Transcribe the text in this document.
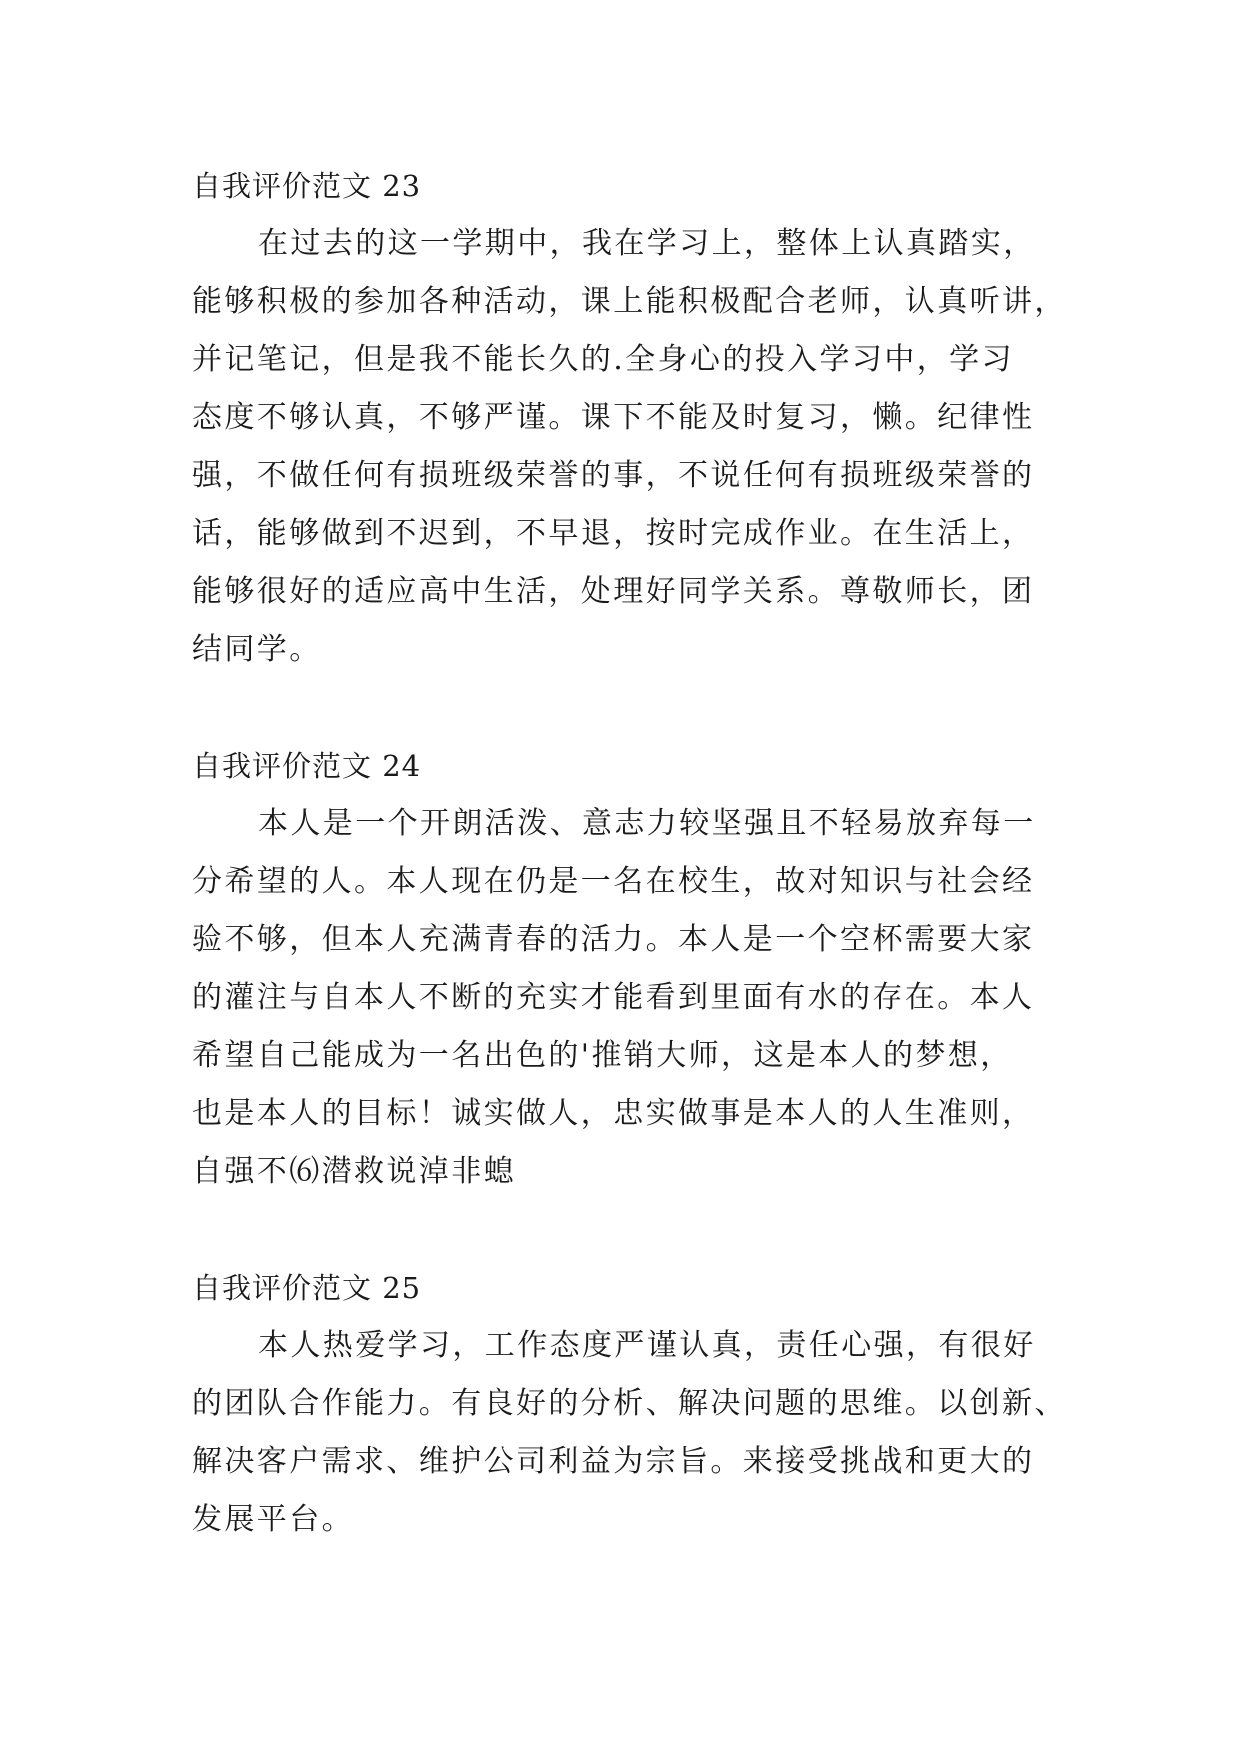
自我评价范文 23
在过去的这一学期中，我在学习上，整体上认真踏实，
能够积极的参加各种活动，课上能积极配合老师，认真听讲，
并记笔记，但是我不能长久的.全身心的投入学习中，学习
态度不够认真，不够严谨。课下不能及时复习，懒。纪律性
强，不做任何有损班级荣誉的事，不说任何有损班级荣誉的
话，能够做到不迟到，不早退，按时完成作业。在生活上，
能够很好的适应高中生活，处理好同学关系。尊敬师长，团
结同学。
自我评价范文 24
本人是一个开朗活泼、意志力较坚强且不轻易放弃每一
分希望的人。本人现在仍是一名在校生，故对知识与社会经
验不够，但本人充满青春的活力。本人是一个空杯需要大家
的灌注与自本人不断的充实才能看到里面有水的存在。本人
希望自己能成为一名出色的'推销大师，这是本人的梦想，
也是本人的目标！诚实做人，忠实做事是本人的人生准则，
自强不⑹潜救说淖非螅
自我评价范文 25
本人热爱学习，工作态度严谨认真，责任心强，有很好
的团队合作能力。有良好的分析、解决问题的思维。以创新、
解决客户需求、维护公司利益为宗旨。来接受挑战和更大的
发展平台。
